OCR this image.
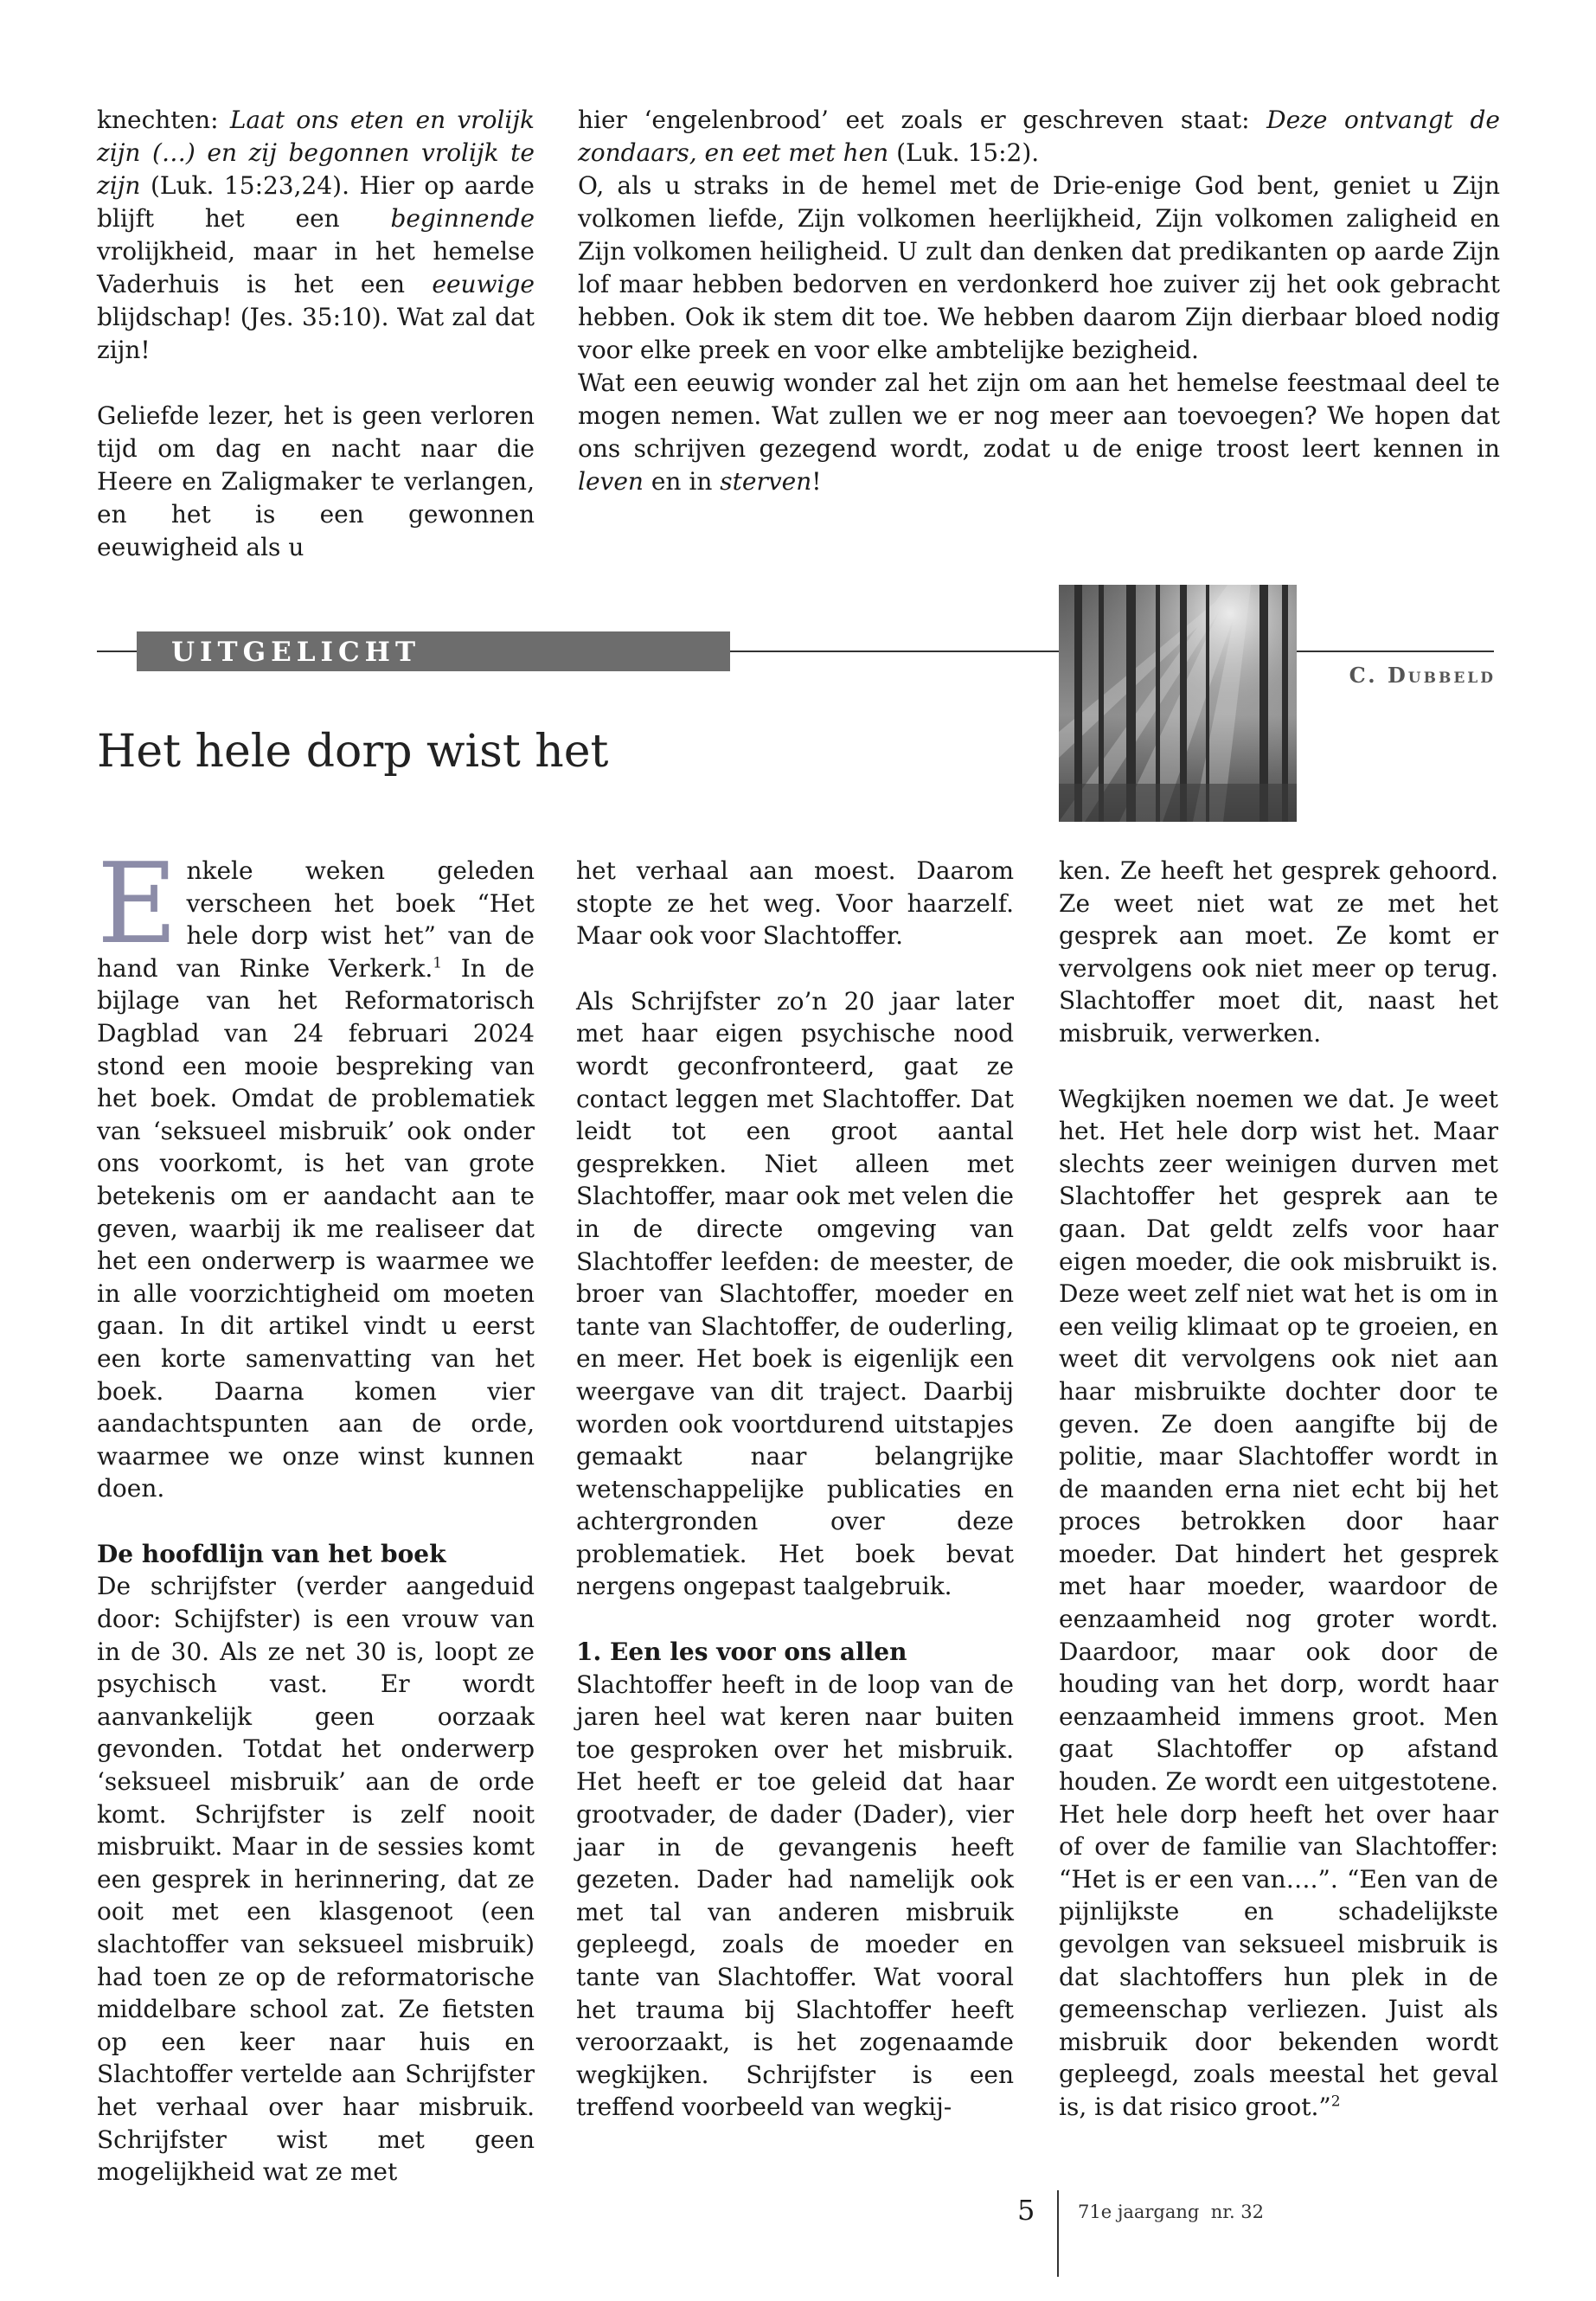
knechten: Laat ons eten en vrolijk zijn (…) en zij begonnen vrolijk te zijn (Luk. 15:23,24). Hier op aarde blijft het een beginnende vrolijkheid, maar in het hemelse Vaderhuis is het een eeuwige blijdschap! (Jes. 35:10). Wat zal dat zijn!

Geliefde lezer, het is geen verloren tijd om dag en nacht naar die Heere en Zaligmaker te verlangen, en het is een gewonnen eeuwigheid als u

hier ‘engelenbrood’ eet zoals er geschreven staat: Deze ontvangt de zondaars, en eet met hen (Luk. 15:2).

O, als u straks in de hemel met de Drie-enige God bent, geniet u Zijn volkomen liefde, Zijn volkomen heerlijkheid, Zijn volkomen zaligheid en Zijn volkomen heiligheid. U zult dan denken dat predikanten op aarde Zijn lof maar hebben bedorven en verdonkerd hoe zuiver zij het ook gebracht hebben. Ook ik stem dit toe. We hebben daarom Zijn dierbaar bloed nodig voor elke preek en voor elke ambtelijke bezigheid.

Wat een eeuwig wonder zal het zijn om aan het hemelse feestmaal deel te mogen nemen. Wat zullen we er nog meer aan toevoegen? We hopen dat ons schrijven gezegend wordt, zodat u de enige troost leert kennen in leven en in sterven!

UITGELICHT
C. Dubbeld
Het hele dorp wist het

Enkele weken geleden verscheen het boek “Het hele dorp wist het” van de hand van Rinke Verkerk.$^1$ In de bijlage van het Reformatorisch Dagblad van 24 februari 2024 stond een mooie bespreking van het boek. Omdat de problematiek van ‘seksueel misbruik’ ook onder ons voorkomt, is het van grote betekenis om er aandacht aan te geven, waarbij ik me realiseer dat het een onderwerp is waarmee we in alle voorzichtigheid om moeten gaan. In dit artikel vindt u eerst een korte samenvatting van het boek. Daarna komen vier aandachtspunten aan de orde, waarmee we onze winst kunnen doen.

De hoofdlijn van het boek

De schrijfster (verder aangeduid door: Schijfster) is een vrouw van in de 30. Als ze net 30 is, loopt ze psychisch vast. Er wordt aanvankelijk geen oorzaak gevonden. Totdat het onderwerp ‘seksueel misbruik’ aan de orde komt. Schrijfster is zelf nooit misbruikt. Maar in de sessies komt een gesprek in herinnering, dat ze ooit met een klasgenoot (een slachtoffer van seksueel misbruik) had toen ze op de reformatorische middelbare school zat. Ze fietsten op een keer naar huis en Slachtoffer vertelde aan Schrijfster het verhaal over haar misbruik. Schrijfster wist met geen mogelijkheid wat ze met

het verhaal aan moest. Daarom stopte ze het weg. Voor haarzelf. Maar ook voor Slachtoffer.

Als Schrijfster zo’n 20 jaar later met haar eigen psychische nood wordt geconfronteerd, gaat ze contact leggen met Slachtoffer. Dat leidt tot een groot aantal gesprekken. Niet alleen met Slachtoffer, maar ook met velen die in de directe omgeving van Slachtoffer leefden: de meester, de broer van Slachtoffer, moeder en tante van Slachtoffer, de ouderling, en meer. Het boek is eigenlijk een weergave van dit traject. Daarbij worden ook voortdurend uitstapjes gemaakt naar belangrijke wetenschappelijke publicaties en achtergronden over deze problematiek. Het boek bevat nergens ongepast taalgebruik.

1. Een les voor ons allen

Slachtoffer heeft in de loop van de jaren heel wat keren naar buiten toe gesproken over het misbruik. Het heeft er toe geleid dat haar grootvader, de dader (Dader), vier jaar in de gevangenis heeft gezeten. Dader had namelijk ook met tal van anderen misbruik gepleegd, zoals de moeder en tante van Slachtoffer. Wat vooral het trauma bij Slachtoffer heeft veroorzaakt, is het zogenaamde wegkijken. Schrijfster is een treffend voorbeeld van wegkij-

ken. Ze heeft het gesprek gehoord. Ze weet niet wat ze met het gesprek aan moet. Ze komt er vervolgens ook niet meer op terug. Slachtoffer moet dit, naast het misbruik, verwerken.

Wegkijken noemen we dat. Je weet het. Het hele dorp wist het. Maar slechts zeer weinigen durven met Slachtoffer het gesprek aan te gaan. Dat geldt zelfs voor haar eigen moeder, die ook misbruikt is. Deze weet zelf niet wat het is om in een veilig klimaat op te groeien, en weet dit vervolgens ook niet aan haar misbruikte dochter door te geven. Ze doen aangifte bij de politie, maar Slachtoffer wordt in de maanden erna niet echt bij het proces betrokken door haar moeder. Dat hindert het gesprek met haar moeder, waardoor de eenzaamheid nog groter wordt. Daardoor, maar ook door de houding van het dorp, wordt haar eenzaamheid immens groot. Men gaat Slachtoffer op afstand houden. Ze wordt een uitgestotene. Het hele dorp heeft het over haar of over de familie van Slachtoffer: “Het is er een van….”. “Een van de pijnlijkste en schadelijkste gevolgen van seksueel misbruik is dat slachtoffers hun plek in de gemeenschap verliezen. Juist als misbruik door bekenden wordt gepleegd, zoals meestal het geval is, is dat risico groot.”$^2$

5 71e jaargang  nr. 32
